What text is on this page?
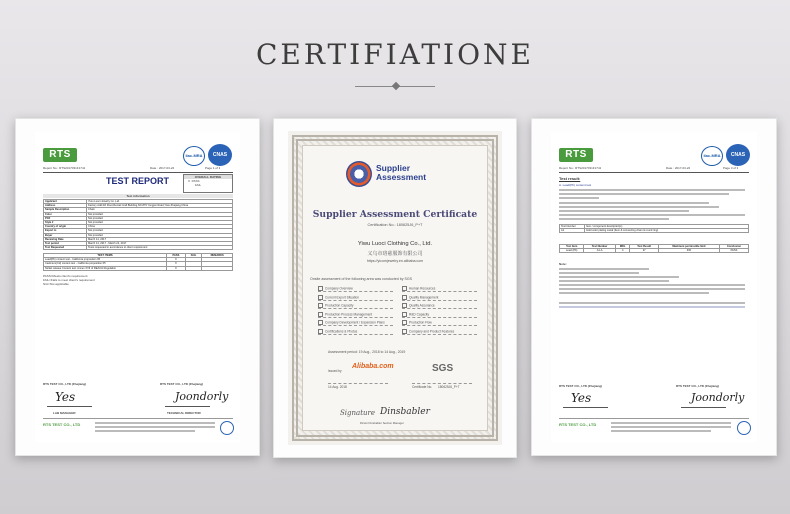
CERTIFIATIONE
RTS	ilac-MRA	CNAS
Report No.: RTS2017031F1741	Date : 2017-03-22	Page 1 of 3
TEST REPORT	OVERALL RATING
X  PASS
FAIL
Test information
Applicant	Yiwu Luoci Jewelry Co.,Ltd.
Address	Factory Add:4th Floor,Rental Craft Building,NO.879 Yongjun Road,Yiwu,Zhejiang,China
Sample Description	Chain
Color	Not provided
PO#	Not provided
Style #	Not provided
Country of origin	China
Export to	Not provided
Buyer	Not provided
Receiving Date	March 14, 2017
Test period	March 14, 2017 - March 22, 2017
Test Requested	Tests requested in accordance to client requirement
TEST ITEMS	PASS	FAIL	REMARKS
Lead(Pb) content test - California proposition 65	X		
Cadmium(Cd) content test - California proposition 65	X		
Nickel release Content test: Annex XVII of REACH Regulation	X		
PASS=Meets client's requirement
FAIL=Fails to meet client's requirement
N/A=Not applicable
RTS TEST CO., LTD (Zhejiang)	RTS TEST CO., LTD (Zhejiang)
Yes	Joondorly
LAB MANAGER	TECHNICAL DIRECTOR
RTS TEST CO., LTD
Supplier
Assessment
Supplier Assessment Certificate
Certification No.: 180625J6_P+T
Yiwu Luoci Clothing Co., Ltd.
义乌市珞慈服饰有限公司
https://yicomjewelry.en.alibaba.com
Onsite assessment of the following area was conducted by SGS
Company Overview
Current Export Situation
Production Capacity
Production Process Management
Company Development / Expansion Plans
Certifications & Photos
Human Resources
Quality Management
Quality Assurance
R&D Capacity
Production Flow
Company and Product Features
Assessment period: 19 Aug., 2018 to 14 Aug., 2019
Issued by
Alibaba.com
14 Aug. 2018
SGS
Certificate No. 180625J6_P+T
Signature Dinsbabler
Dirwin Dinsbabler Section Manager
RTS	ilac-MRA	CNAS
Report No.: RTS2017031F1741	Date : 2017-03-22	Page 3 of 3
Test result:
A. Lead(Pb) content test
Test Number	Item / component description(s)
A1	Gold color plating metal (Item & connecting chain & round ring)
Test Item	Test Number	MDL	Test Result	Maximum permissible limit	Conclusion
Lead (Pb)	A1-A	4	27	300	PASS
Note:
RTS TEST CO., LTD (Zhejiang)	RTS TEST CO., LTD (Zhejiang)
Yes	Joondorly
RTS TEST CO., LTD
